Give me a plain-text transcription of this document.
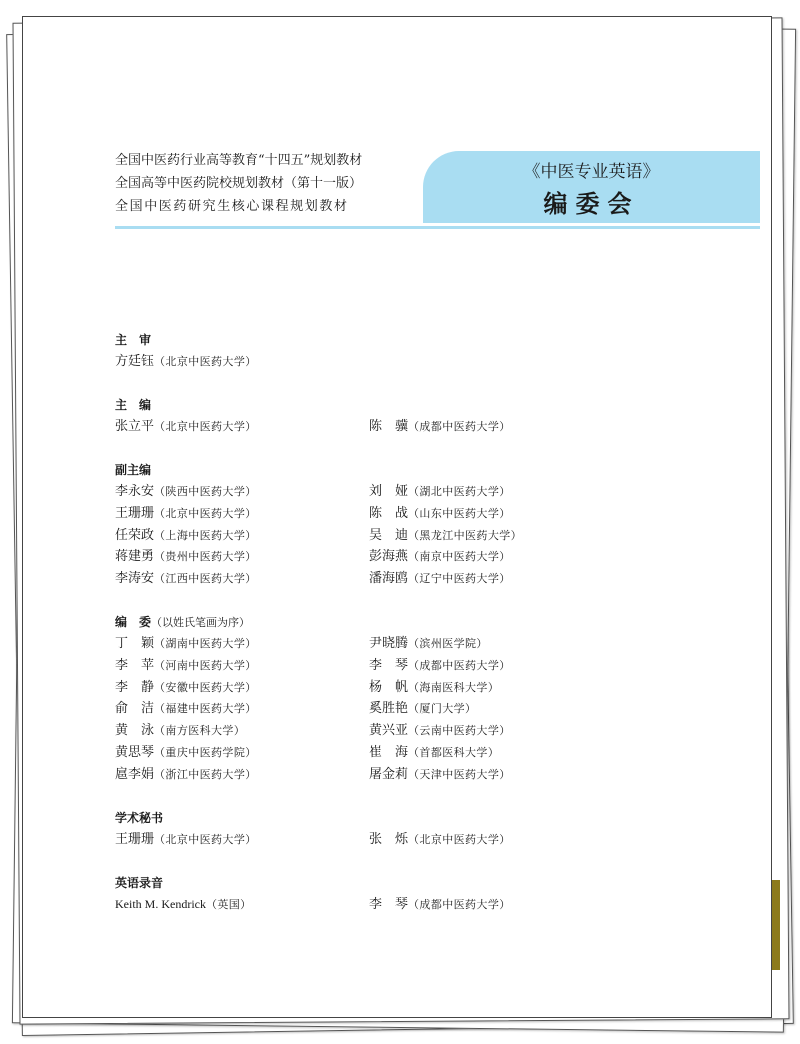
全国中医药行业高等教育“十四五”规划教材
全国高等中医药院校规划教材（第十一版）
全国中医药研究生核心课程规划教材
《中医专业英语》
编委会
主　审
方廷钰（北京中医药大学）
主　编
张立平（北京中医药大学）	陈　骥（成都中医药大学）
副主编
李永安（陕西中医药大学）	刘　娅（湖北中医药大学）
王珊珊（北京中医药大学）	陈　战（山东中医药大学）
任荣政（上海中医药大学）	吴　迪（黑龙江中医药大学）
蒋建勇（贵州中医药大学）	彭海燕（南京中医药大学）
李涛安（江西中医药大学）	潘海鸥（辽宁中医药大学）
编　委（以姓氏笔画为序）
丁　颖（湖南中医药大学）	尹晓腾（滨州医学院）
李　苹（河南中医药大学）	李　琴（成都中医药大学）
李　静（安徽中医药大学）	杨　帆（海南医科大学）
俞　洁（福建中医药大学）	奚胜艳（厦门大学）
黄　泳（南方医科大学）	黄兴亚（云南中医药大学）
黄思琴（重庆中医药学院）	崔　海（首都医科大学）
扈李娟（浙江中医药大学）	屠金莉（天津中医药大学）
学术秘书
王珊珊（北京中医药大学）	张　烁（北京中医药大学）
英语录音
Keith M. Kendrick（英国）	李　琴（成都中医药大学）
